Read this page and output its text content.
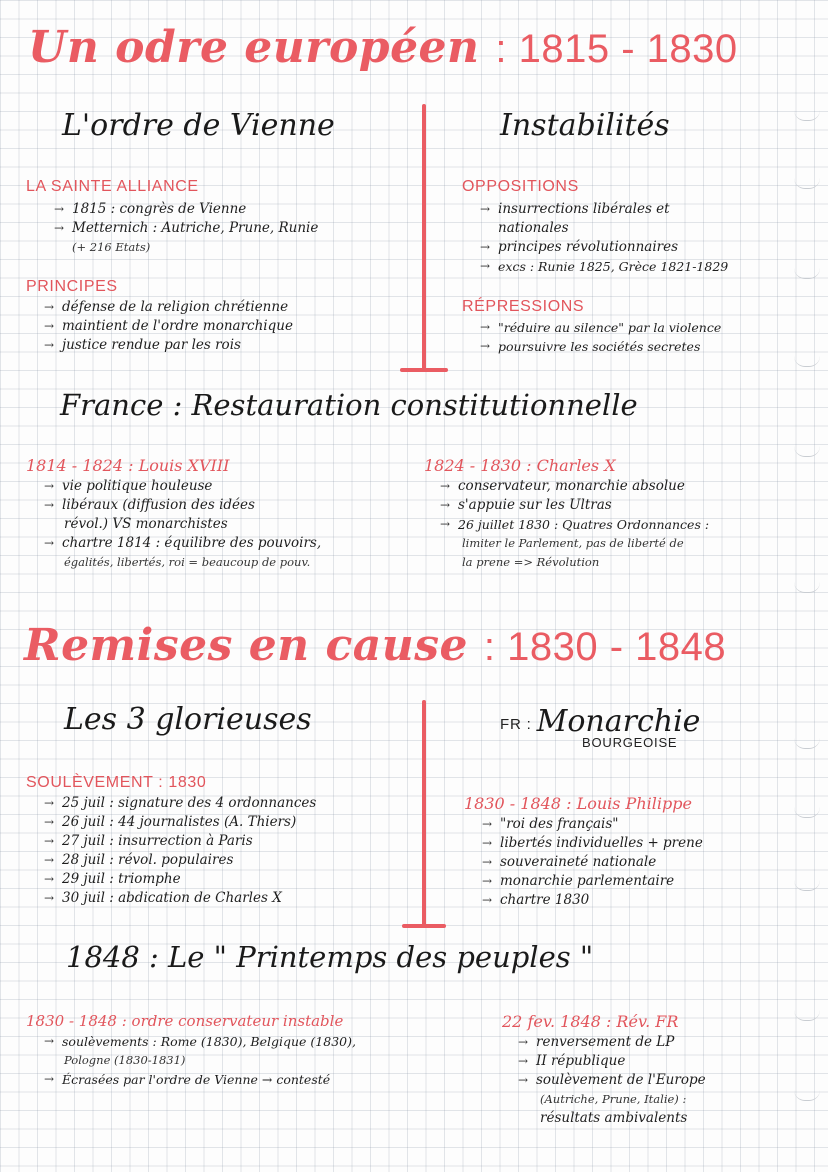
Un odre européen : 1815 - 1830
L'ordre de Vienne	Instabilités
LA SAINTE ALLIANCE
→ 1815 : congrès de Vienne
→ Metternich : Autriche, Prune, Runie
(+ 216 Etats)
PRINCIPES
→ défense de la religion chrétienne
→ maintient de l'ordre monarchique
→ justice rendue par les rois
OPPOSITIONS
→ insurrections libérales et
nationales
→ principes révolutionnaires
→ excs : Runie 1825, Grèce 1821-1829
RÉPRESSIONS
→ "réduire au silence" par la violence
→ poursuivre les sociétés secretes
France : Restauration constitutionnelle
1814 - 1824 : Louis XVIII
→ vie politique houleuse
→ libéraux (diffusion des idées
révol.) VS monarchistes
→ chartre 1814 : équilibre des pouvoirs,
égalités, libertés, roi = beaucoup de pouv.
1824 - 1830 : Charles X
→ conservateur, monarchie absolue
→ s'appuie sur les Ultras
→ 26 juillet 1830 : Quatres Ordonnances :
limiter le Parlement, pas de liberté de
la prene => Révolution
Remises en cause : 1830 - 1848
Les 3 glorieuses	FR : Monarchie
BOURGEOISE
SOULÈVEMENT : 1830
→ 25 juil : signature des 4 ordonnances
→ 26 juil : 44 journalistes (A. Thiers)
→ 27 juil : insurrection à Paris
→ 28 juil : révol. populaires
→ 29 juil : triomphe
→ 30 juil : abdication de Charles X
1830 - 1848 : Louis Philippe
→ "roi des français"
→ libertés individuelles + prene
→ souveraineté nationale
→ monarchie parlementaire
→ chartre 1830
1848 : Le " Printemps des peuples "
1830 - 1848 : ordre conservateur instable
→ soulèvements : Rome (1830), Belgique (1830),
Pologne (1830-1831)
→ Écrasées par l'ordre de Vienne → contesté
22 fev. 1848 : Rév. FR
→ renversement de LP
→ II république
→ soulèvement de l'Europe
(Autriche, Prune, Italie) :
résultats ambivalents
